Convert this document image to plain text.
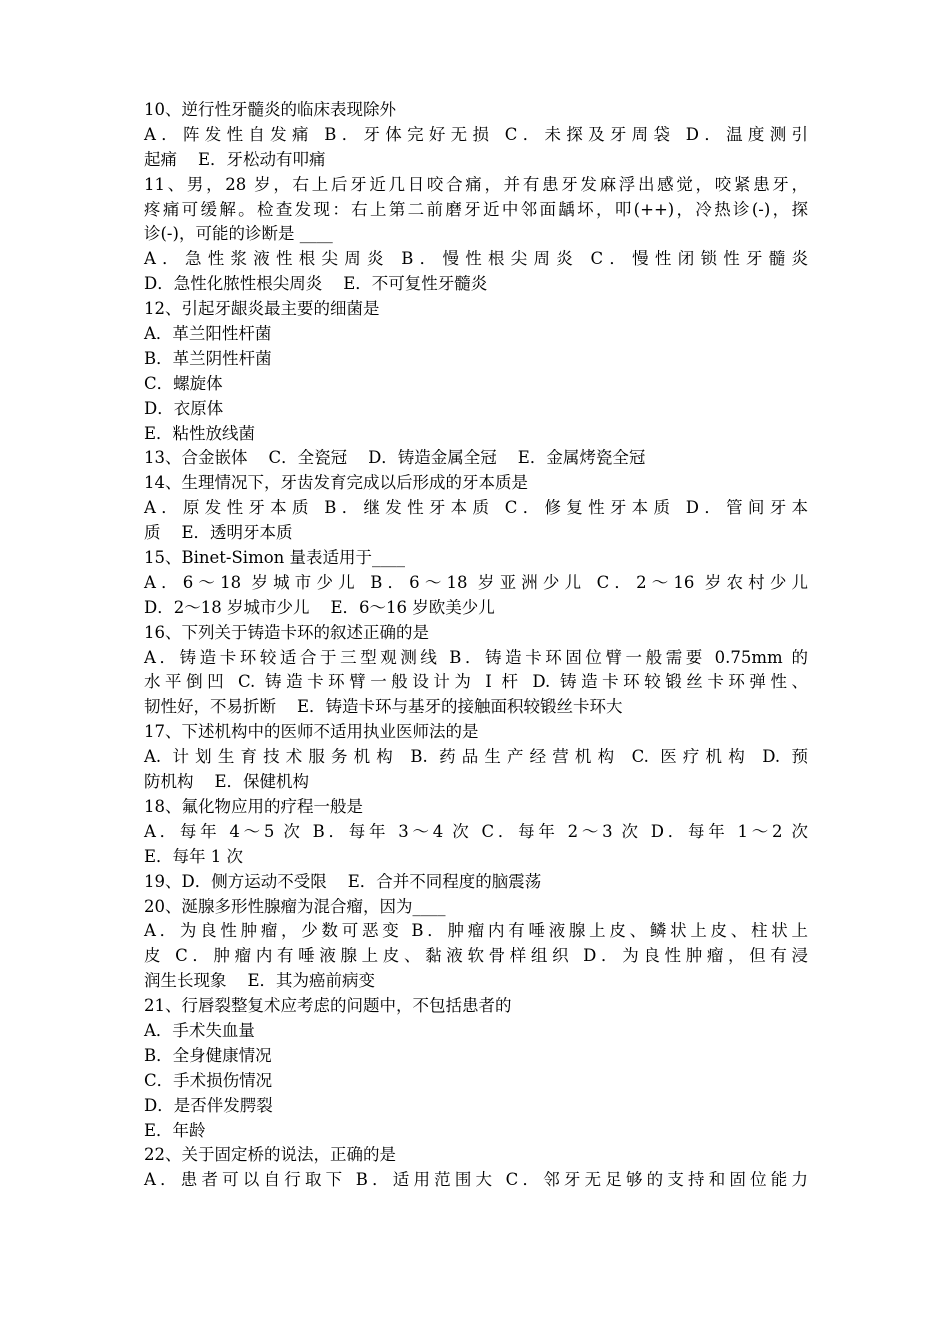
10、逆行性牙髓炎的临床表现除外
A．阵发性自发痛 B．牙体完好无损 C．未探及牙周袋 D．温度测引
起痛    E．牙松动有叩痛
11、男，28 岁，右上后牙近几日咬合痛，并有患牙发麻浮出感觉，咬紧患牙，
疼痛可缓解。检查发现：右上第二前磨牙近中邻面龋坏，叩(++)，冷热诊(-)，探
诊(-)，可能的诊断是 ____
A．急性浆液性根尖周炎 B．慢性根尖周炎 C．慢性闭锁性牙髓炎
D．急性化脓性根尖周炎    E．不可复性牙髓炎
12、引起牙龈炎最主要的细菌是
A．革兰阳性杆菌
B．革兰阴性杆菌
C．螺旋体
D．衣原体
E．粘性放线菌
13、合金嵌体    C．全瓷冠    D．铸造金属全冠    E．金属烤瓷全冠
14、生理情况下，牙齿发育完成以后形成的牙本质是
A．原发性牙本质 B．继发性牙本质 C．修复性牙本质 D．管间牙本
质    E．透明牙本质
15、Binet-Simon 量表适用于____
A．6～18 岁城市少儿 B．6～18 岁亚洲少儿 C．2～16 岁农村少儿
D．2～18 岁城市少儿    E．6～16 岁欧美少儿
16、下列关于铸造卡环的叙述正确的是
A．铸造卡环较适合于三型观测线 B．铸造卡环固位臂一般需要 0.75mm 的
水平倒凹 C. 铸造卡环臂一般设计为 I 杆 D. 铸造卡环较锻丝卡环弹性、
韧性好，不易折断    E．铸造卡环与基牙的接触面积较锻丝卡环大
17、下述机构中的医师不适用执业医师法的是
A. 计划生育技术服务机构 B. 药品生产经营机构 C. 医疗机构 D. 预
防机构    E．保健机构
18、氟化物应用的疗程一般是
A．每年 4～5 次 B．每年 3～4 次 C．每年 2～3 次 D．每年 1～2 次
E．每年 1 次
19、D．侧方运动不受限    E．合并不同程度的脑震荡
20、涎腺多形性腺瘤为混合瘤，因为____
A．为良性肿瘤，少数可恶变 B．肿瘤内有唾液腺上皮、鳞状上皮、柱状上
皮 C．肿瘤内有唾液腺上皮、黏液软骨样组织 D．为良性肿瘤，但有浸
润生长现象    E．其为癌前病变
21、行唇裂整复术应考虑的问题中，不包括患者的
A．手术失血量
B．全身健康情况
C．手术损伤情况
D．是否伴发腭裂
E．年龄
22、关于固定桥的说法，正确的是
A．患者可以自行取下 B．适用范围大 C．邻牙无足够的支持和固位能力
